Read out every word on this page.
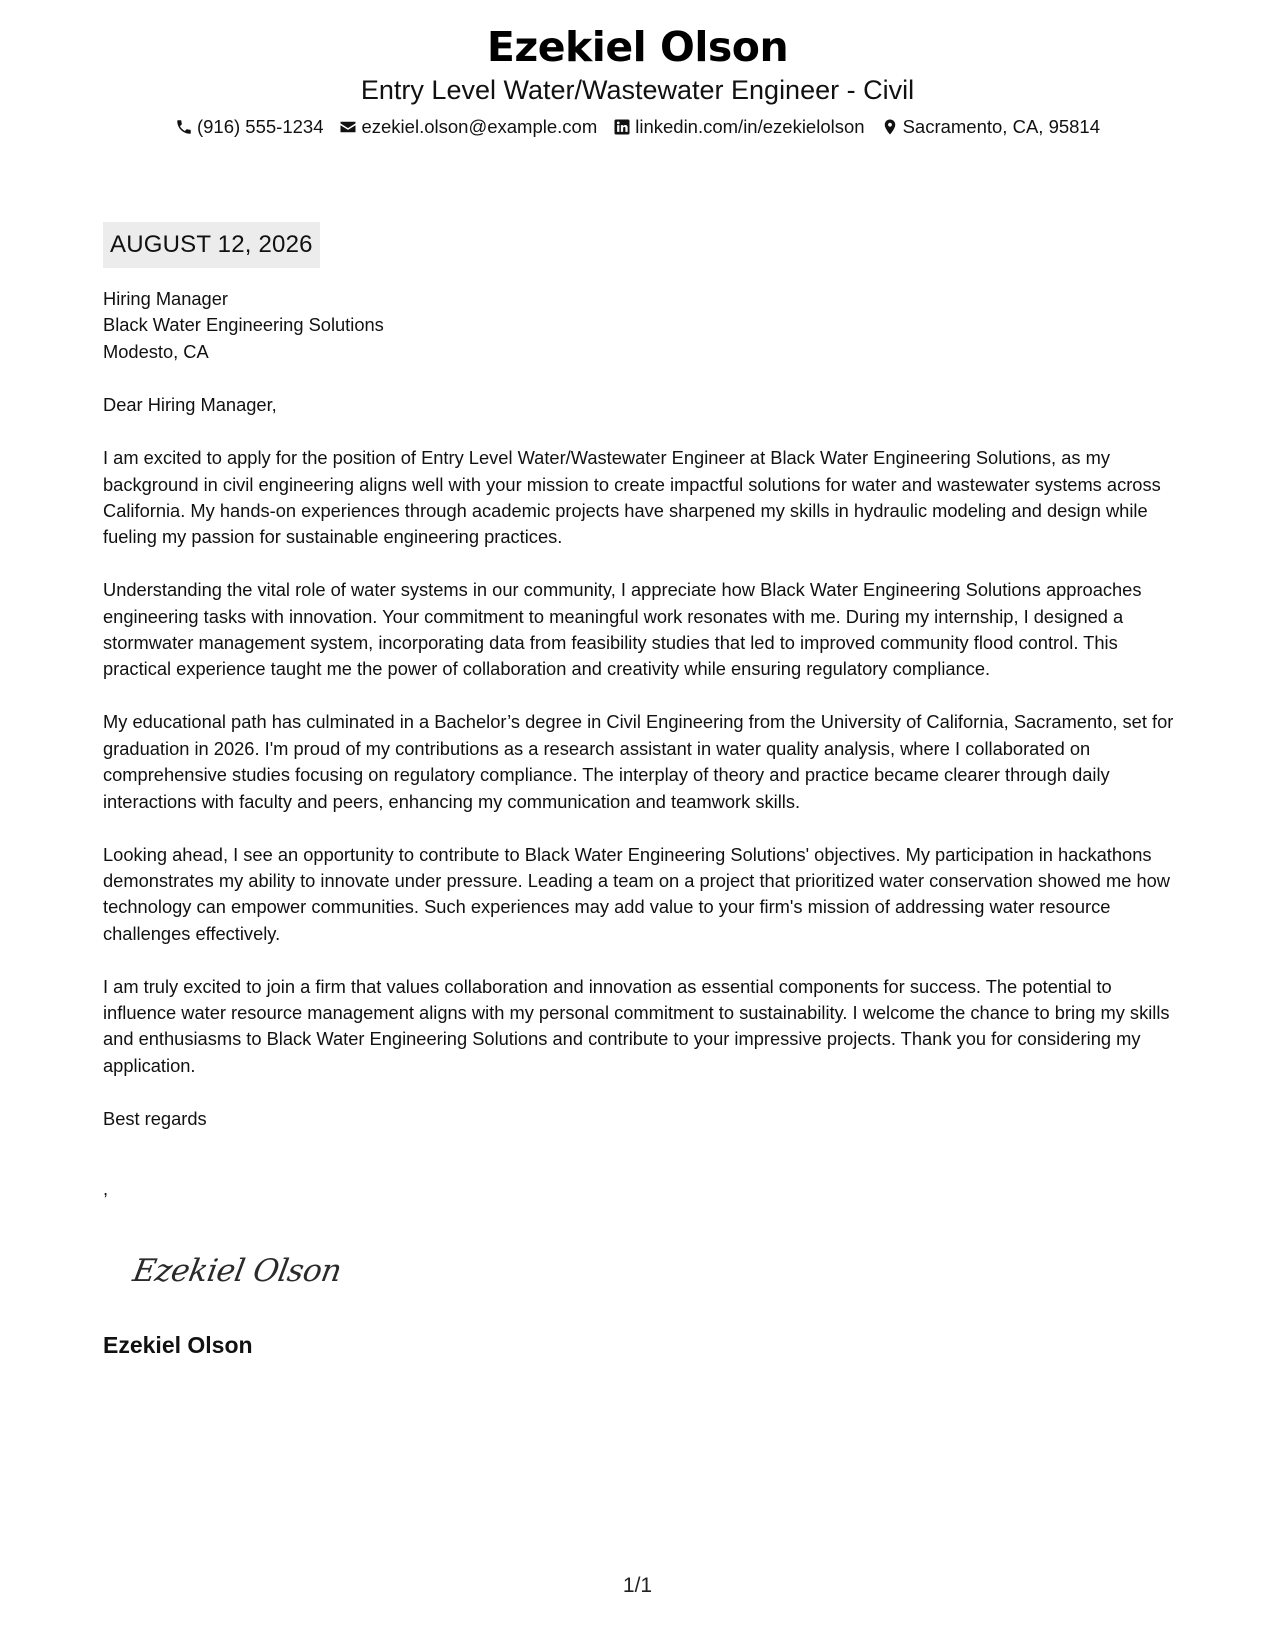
Ezekiel Olson
Entry Level Water/Wastewater Engineer - Civil
(916) 555-1234 ezekiel.olson@example.com linkedin.com/in/ezekielolson Sacramento, CA, 95814
AUGUST 12, 2026
Hiring Manager
Black Water Engineering Solutions
Modesto, CA
Dear Hiring Manager,
I am excited to apply for the position of Entry Level Water/Wastewater Engineer at Black Water Engineering Solutions, as my background in civil engineering aligns well with your mission to create impactful solutions for water and wastewater systems across California. My hands-on experiences through academic projects have sharpened my skills in hydraulic modeling and design while fueling my passion for sustainable engineering practices.
Understanding the vital role of water systems in our community, I appreciate how Black Water Engineering Solutions approaches engineering tasks with innovation. Your commitment to meaningful work resonates with me. During my internship, I designed a stormwater management system, incorporating data from feasibility studies that led to improved community flood control. This practical experience taught me the power of collaboration and creativity while ensuring regulatory compliance.
My educational path has culminated in a Bachelor’s degree in Civil Engineering from the University of California, Sacramento, set for graduation in 2026. I'm proud of my contributions as a research assistant in water quality analysis, where I collaborated on comprehensive studies focusing on regulatory compliance. The interplay of theory and practice became clearer through daily interactions with faculty and peers, enhancing my communication and teamwork skills.
Looking ahead, I see an opportunity to contribute to Black Water Engineering Solutions' objectives. My participation in hackathons demonstrates my ability to innovate under pressure. Leading a team on a project that prioritized water conservation showed me how technology can empower communities. Such experiences may add value to your firm's mission of addressing water resource challenges effectively.
I am truly excited to join a firm that values collaboration and innovation as essential components for success. The potential to influence water resource management aligns with my personal commitment to sustainability. I welcome the chance to bring my skills and enthusiasms to Black Water Engineering Solutions and contribute to your impressive projects. Thank you for considering my application.
Best regards
,
Ezekiel Olson
Ezekiel Olson
1/1
